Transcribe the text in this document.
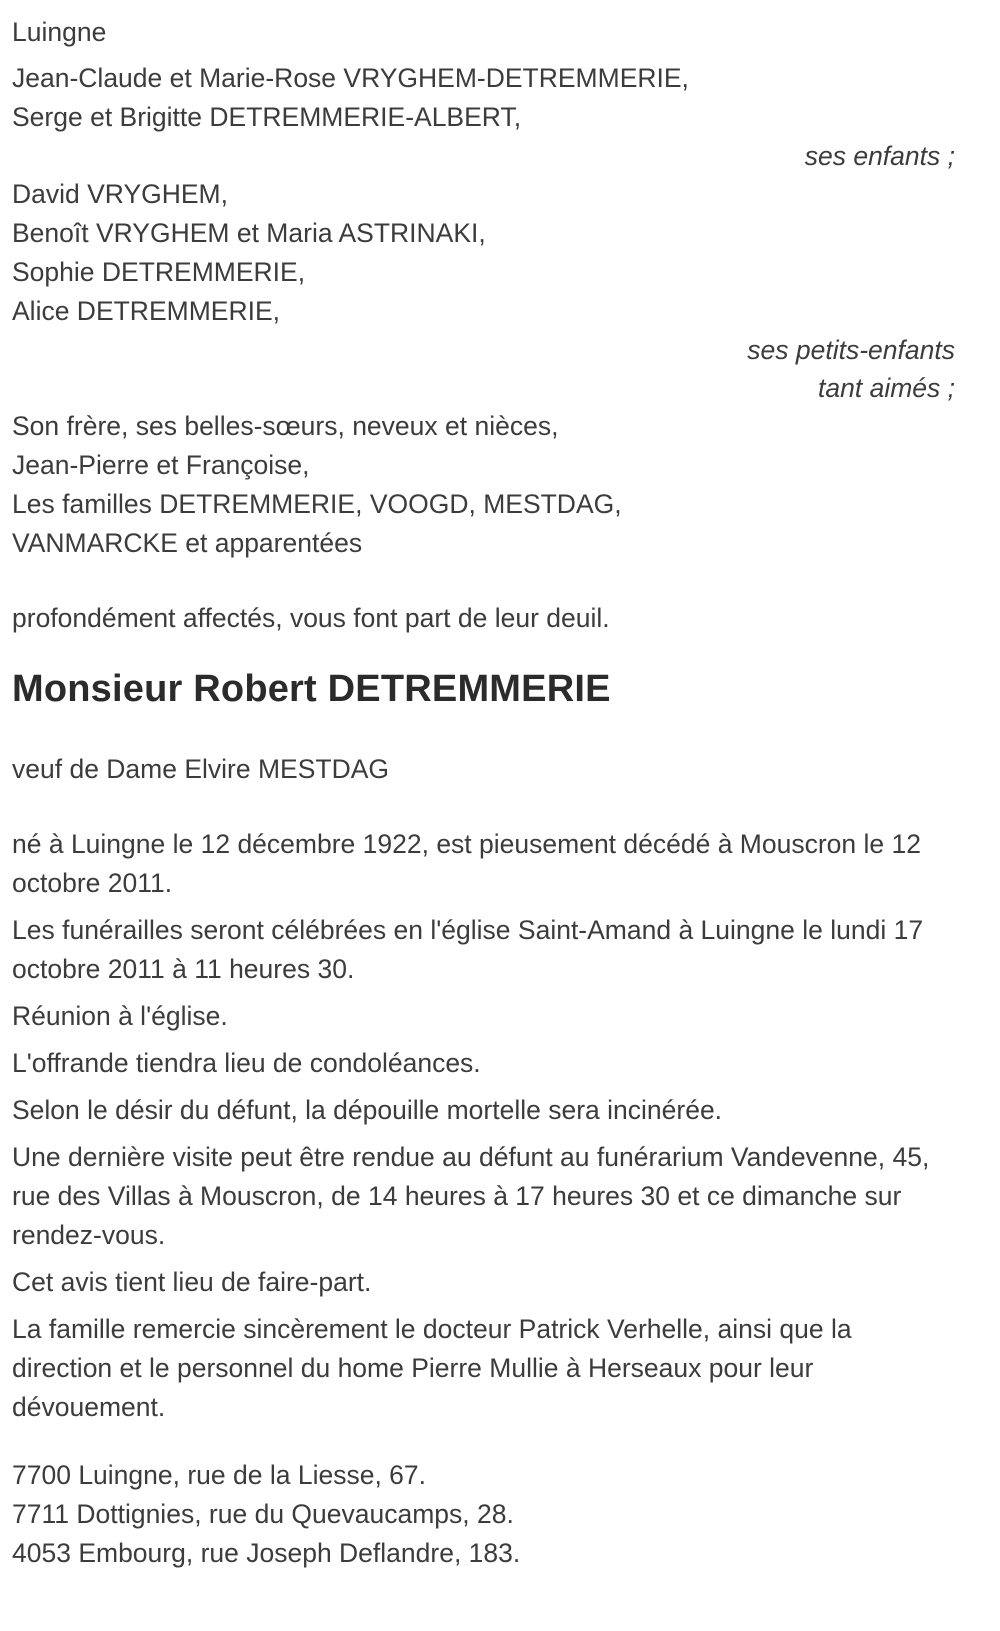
Luingne

Jean-Claude et Marie-Rose VRYGHEM-DETREMMERIE,

Serge et Brigitte DETREMMERIE-ALBERT,

ses enfants ;

David VRYGHEM,

Benoît VRYGHEM et Maria ASTRINAKI,

Sophie DETREMMERIE,

Alice DETREMMERIE,

ses petits-enfants

tant aimés ;

Son frère, ses belles-sœurs, neveux et nièces,

Jean-Pierre et Françoise,

Les familles DETREMMERIE, VOOGD, MESTDAG,

VANMARCKE et apparentées

profondément affectés, vous font part de leur deuil.

Monsieur Robert DETREMMERIE

veuf de Dame Elvire MESTDAG

né à Luingne le 12 décembre 1922, est pieusement décédé à Mouscron le 12 octobre 2011.

Les funérailles seront célébrées en l'église Saint-Amand à Luingne le lundi 17 octobre 2011 à 11 heures 30.

Réunion à l'église.

L'offrande tiendra lieu de condoléances.

Selon le désir du défunt, la dépouille mortelle sera incinérée.

Une dernière visite peut être rendue au défunt au funérarium Vandevenne, 45, rue des Villas à Mouscron, de 14 heures à 17 heures 30 et ce dimanche sur rendez-vous.

Cet avis tient lieu de faire-part.

La famille remercie sincèrement le docteur Patrick Verhelle, ainsi que la direction et le personnel du home Pierre Mullie à Herseaux pour leur dévouement.

7700 Luingne, rue de la Liesse, 67.

7711 Dottignies, rue du Quevaucamps, 28.

4053 Embourg, rue Joseph Deflandre, 183.
